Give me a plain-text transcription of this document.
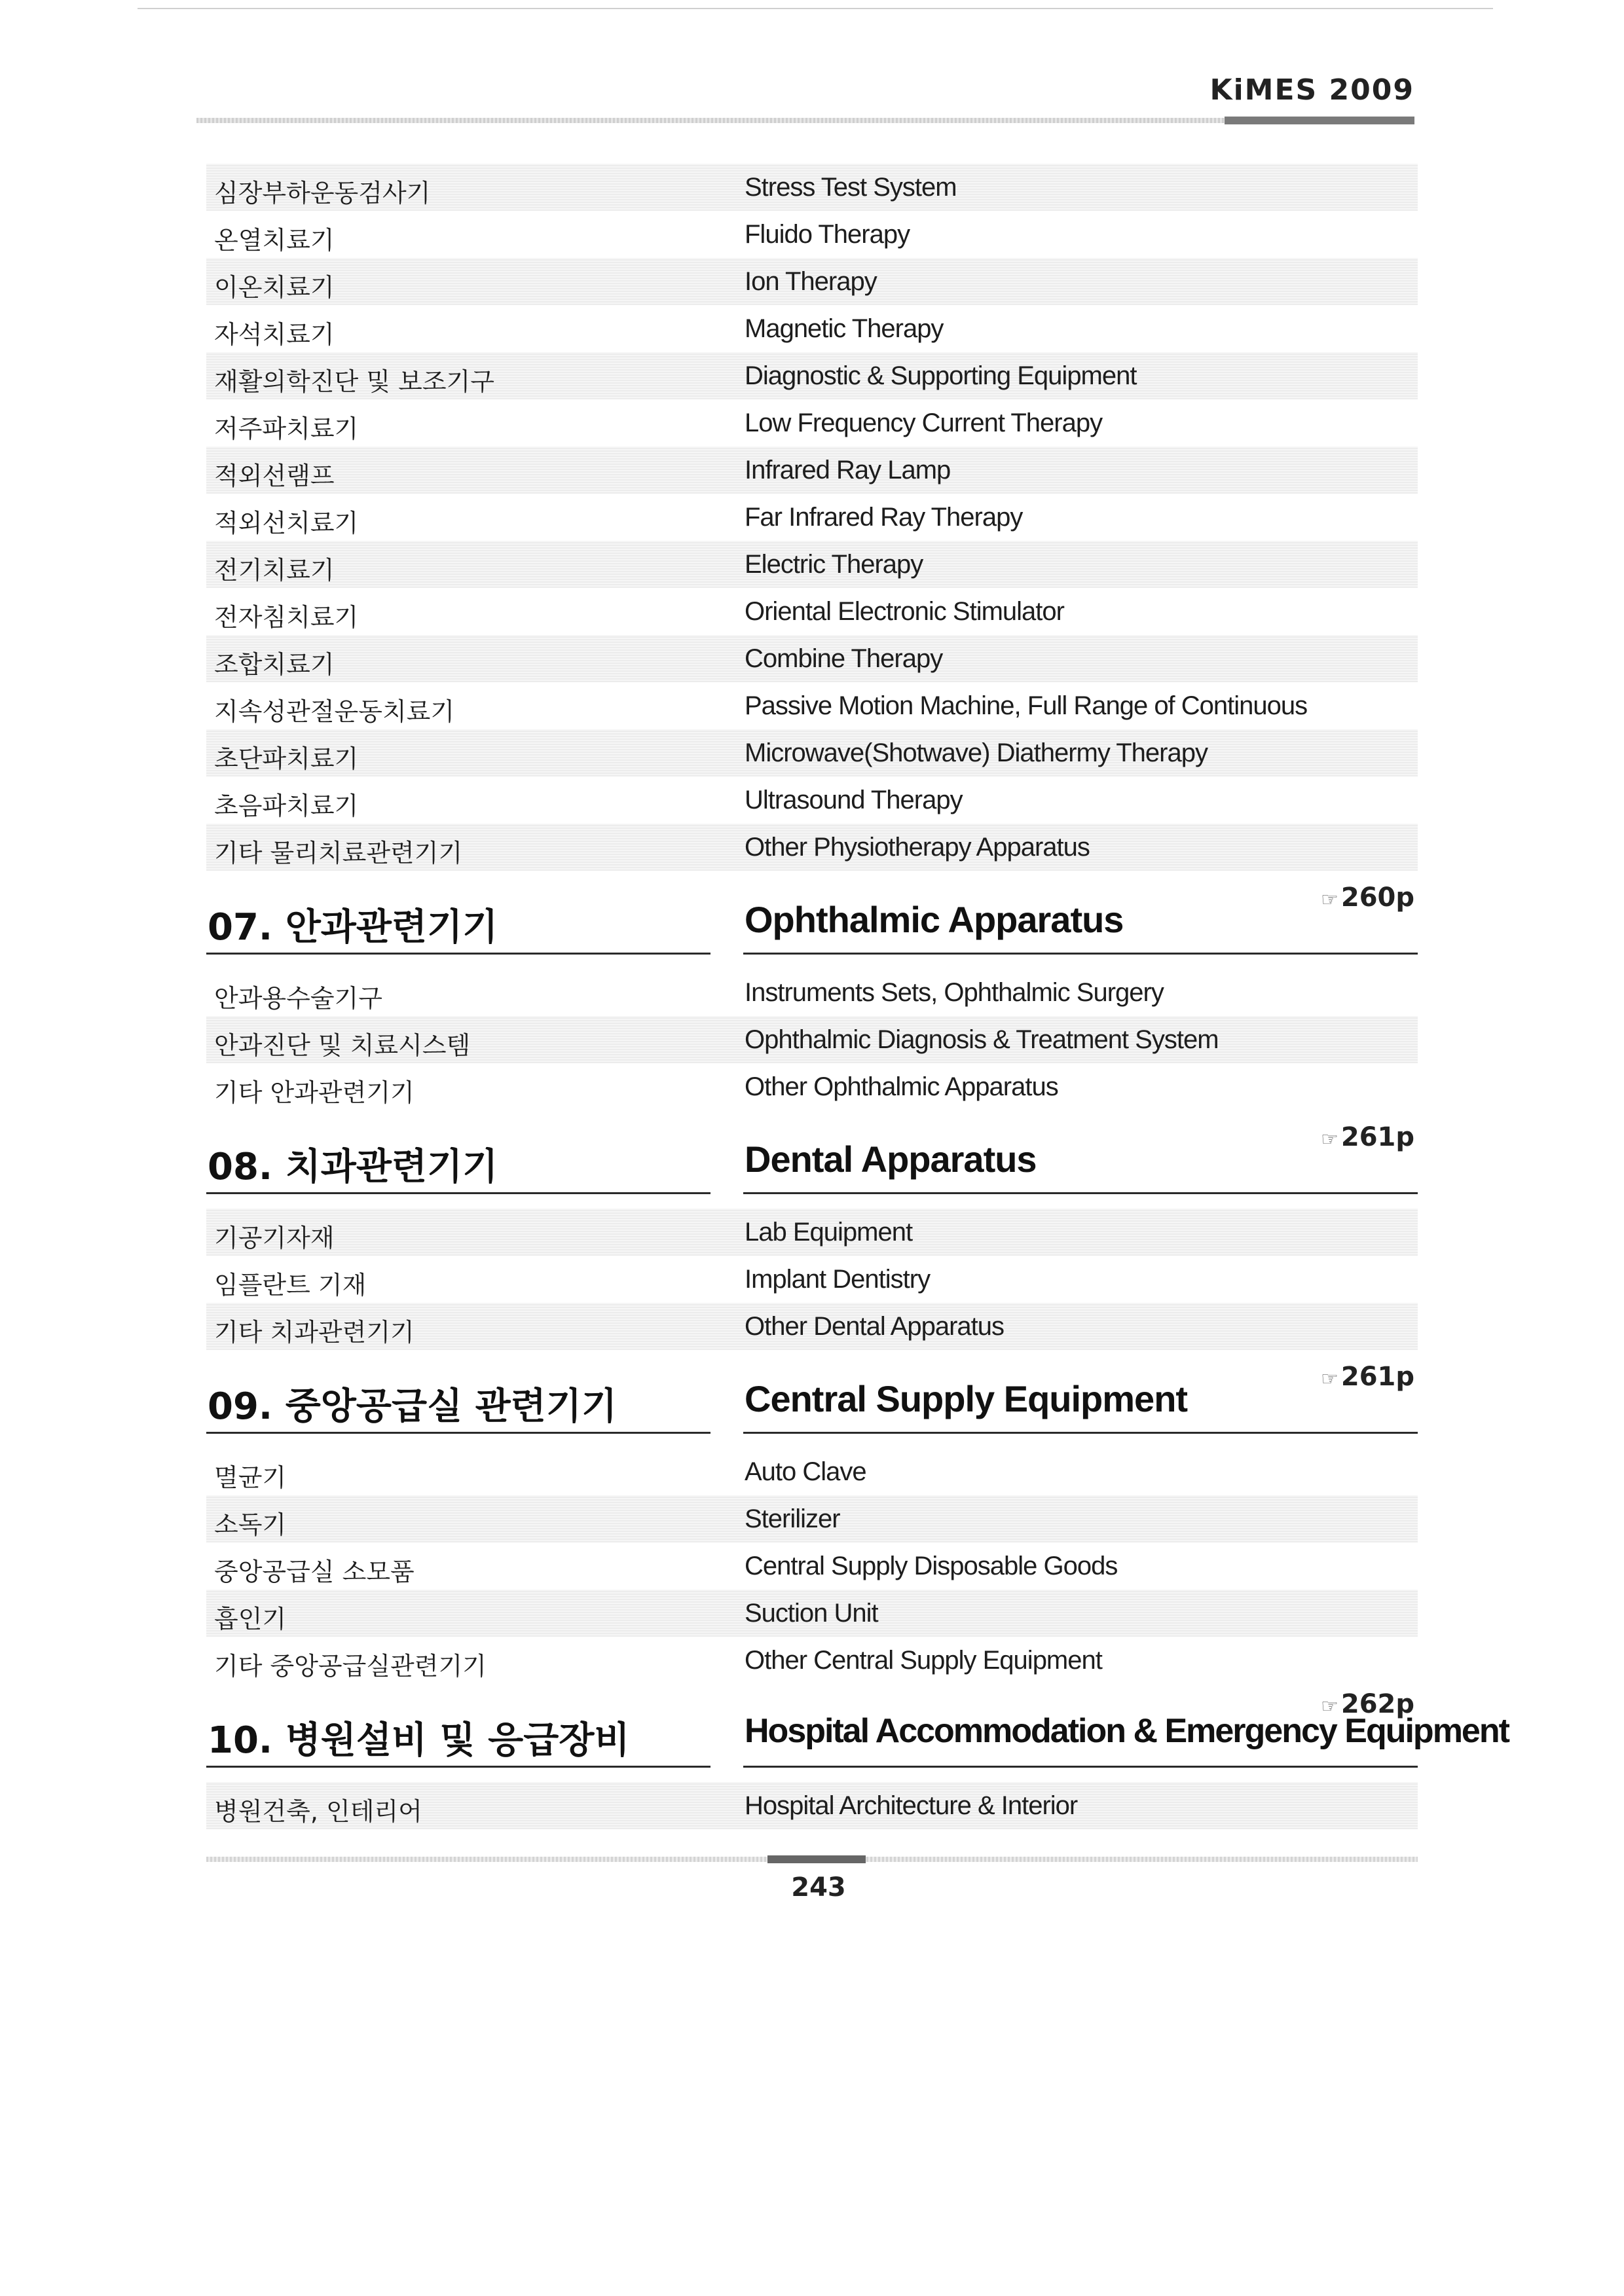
KiMES 2009
심장부하운동검사기	Stress Test System
온열치료기	Fluido Therapy
이온치료기	Ion Therapy
자석치료기	Magnetic Therapy
재활의학진단 및 보조기구	Diagnostic & Supporting Equipment
저주파치료기	Low Frequency Current Therapy
적외선램프	Infrared Ray Lamp
적외선치료기	Far Infrared Ray Therapy
전기치료기	Electric Therapy
전자침치료기	Oriental Electronic Stimulator
조합치료기	Combine Therapy
지속성관절운동치료기	Passive Motion Machine, Full Range of Continuous
초단파치료기	Microwave(Shotwave) Diathermy Therapy
초음파치료기	Ultrasound Therapy
기타 물리치료관련기기	Other Physiotherapy Apparatus
☞ 260p
07. 안과관련기기	Ophthalmic Apparatus
안과용수술기구	Instruments Sets, Ophthalmic Surgery
안과진단 및 치료시스템	Ophthalmic Diagnosis & Treatment System
기타 안과관련기기	Other Ophthalmic Apparatus
☞ 261p
08. 치과관련기기	Dental Apparatus
기공기자재	Lab Equipment
임플란트 기재	Implant Dentistry
기타 치과관련기기	Other Dental Apparatus
☞ 261p
09. 중앙공급실 관련기기	Central Supply Equipment
멸균기	Auto Clave
소독기	Sterilizer
중앙공급실 소모품	Central Supply Disposable Goods
흡인기	Suction Unit
기타 중앙공급실관련기기	Other Central Supply Equipment
☞ 262p
10. 병원설비 및 응급장비	Hospital Accommodation & Emergency Equipment
병원건축, 인테리어	Hospital Architecture & Interior
243
